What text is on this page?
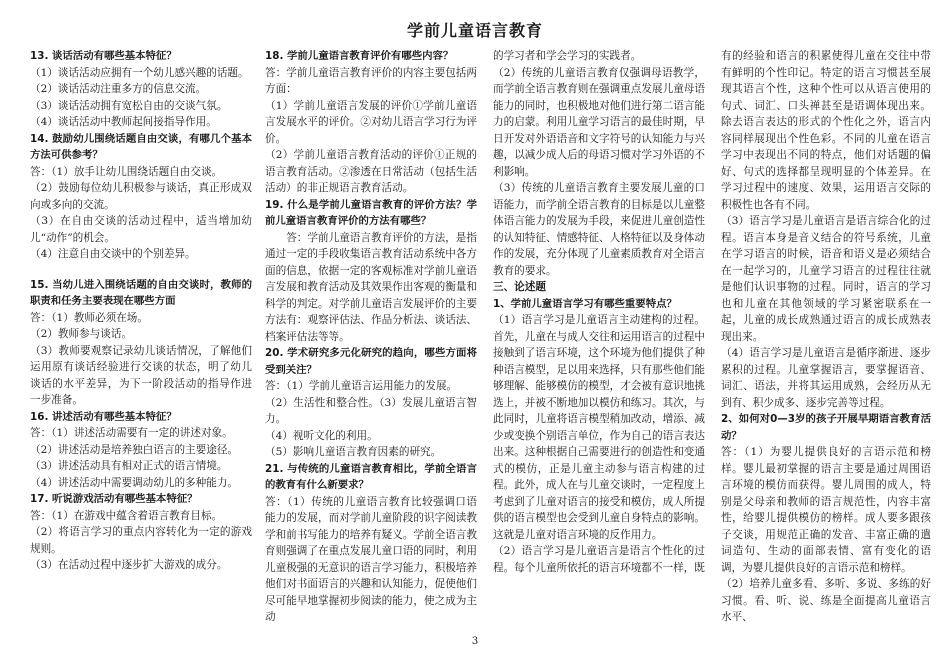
学前儿童语言教育
13. 谈话活动有哪些基本特征？
（1）谈话活动应拥有一个幼儿感兴趣的话题。
（2）谈话活动注重多方的信息交流。
（3）谈话活动拥有宽松自由的交谈气氛。
（4）谈话活动中教师起间接指导作用。
14. 鼓励幼儿围绕话题自由交谈，有哪几个基本方法可供参考？
答：（1）放手让幼儿围绕话题自由交谈。
（2）鼓励每位幼儿积极参与谈话，真正形成双向或多向的交流。
（3）在自由交谈的活动过程中，适当增加幼儿“动作”的机会。
（4）注意自由交谈中的个别差异。
15. 当幼儿进入围绕话题的自由交谈时，教师的职责和任务主要表现在哪些方面
答：（1）教师必须在场。
（2）教师参与谈话。
（3）教师要观察记录幼儿谈话情况，了解他们运用原有谈话经验进行交谈的状态，明了幼儿谈话的水平差异，为下一阶段活动的指导作进一步准备。
16. 讲述活动有哪些基本特征？
答：（1）讲述活动需要有一定的讲述对象。
（2）讲述活动是培养独白语言的主要途径。
（3）讲述活动具有相对正式的语言情境。
（4）讲述活动中需要调动幼儿的多种能力。
17. 听说游戏活动有哪些基本特征？
答：（1）在游戏中蕴含着语言教育目标。
（2）将语言学习的重点内容转化为一定的游戏规则。
（3）在活动过程中逐步扩大游戏的成分。
18. 学前儿童语言教育评价有哪些内容？
答：学前儿童语言教育评价的内容主要包括两方面：
（1）学前儿童语言发展的评价①学前儿童语言发展水平的评价。②对幼儿语言学习行为评价。
（2）学前儿童语言教育活动的评价①正规的语言教育活动。②渗透在日常活动（包括生活活动）的非正规语言教育活动。
19. 什么是学前儿童语言教育的评价方法？学前儿童语言教育评价的方法有哪些？
答：学前儿童语言教育评价的方法，是指通过一定的手段收集语言教育活动系统中各方面的信息，依据一定的客观标准对学前儿童语言发展和教育活动及其效果作出客观的衡量和科学的判定。对学前儿童语言发展评价的主要方法有：观察评估法、作品分析法、谈话法、档案评估法等等。
20. 学术研究多元化研究的趋向，哪些方面将受到关注？
答：（1）学前儿童语言运用能力的发展。
（2）生活性和整合性。（3）发展儿童语言智力。
（4）视听文化的利用。
（5）影响儿童语言教育因素的研究。
21. 与传统的儿童语言教育相比，学前全语言的教育有什么新要求？
答：（1）传统的儿童语言教育比较强调口语能力的发展，而对学前儿童阶段的识字阅读教学和前书写能力的培养有疑义。学前全语言教育则强调了在重点发展儿童口语的同时，利用儿童极强的无意识的语言学习能力，积极培养他们对书面语言的兴趣和认知能力，促使他们尽可能早地掌握初步阅读的能力，使之成为主动
的学习者和学会学习的实践者。
（2）传统的儿童语言教育仅强调母语教学，而学前全语言教育则在强调重点发展儿童母语能力的同时，也积极地对他们进行第二语言能力的启蒙。利用儿童学习语言的最佳时期，早日开发对外语语音和文字符号的认知能力与兴趣，以减少成人后的母语习惯对学习外语的不利影响。
（3）传统的儿童语言教育主要发展儿童的口语能力，而学前全语言教育的目标是以儿童整体语言能力的发展为手段，来促进儿童创造性的认知特征、情感特征、人格特征以及身体动作的发展，充分体现了儿童素质教育对全语言教育的要求。
三、论述题
1、学前儿童语言学习有哪些重要特点？
（1）语言学习是儿童语言主动建构的过程。首先，儿童在与成人交往和运用语言的过程中接触到了语言环境，这个环境为他们提供了种种语言模型，足以用来选择，只有那些他们能够理解、能够模仿的模型，才会被有意识地挑选上，并被不断地加以模仿和练习。其次，与此同时，儿童将语言模型稍加改动，增添、减少或变换个别语言单位，作为自己的语言表达出来。这种根据自己需要进行的创造性和变通式的模仿，正是儿童主动参与语言构建的过程。此外，成人在与儿童交谈时，一定程度上考虑到了儿童对语言的接受和模仿，成人所提供的语言模型也会受到儿童自身特点的影响。这就是儿童对语言环境的反作用力。
（2）语言学习是儿童语言是语言个性化的过程。每个儿童所依托的语言环境都不一样，既
有的经验和语言的积累使得儿童在交往中带有鲜明的个性印记。特定的语言习惯甚至展现其语言个性，这种个性可以从语言使用的句式、词汇、口头禅甚至是语调体现出来。除去语言表达的形式的个性化之外，语言内容同样展现出个性色彩。不同的儿童在语言学习中表现出不同的特点，他们对话题的偏好、句式的选择都呈现明显的个体差异。在学习过程中的速度、效果，运用语言交际的积极性也各有不同。
（3）语言学习是儿童语言是语言综合化的过程。语言本身是音义结合的符号系统，儿童在学习语言的时候，语音和语义是必须结合在一起学习的，儿童学习语言的过程往往就是他们认识事物的过程。同时，语言的学习也和儿童在其他领域的学习紧密联系在一起，儿童的成长成熟通过语言的成长成熟表现出来。
（4）语言学习是儿童语言是循序渐进、逐步累积的过程。儿童掌握语言，要掌握语音、词汇、语法，并将其运用成熟，会经历从无到有、积少成多、逐步完善等过程。
2、如何对0—3岁的孩子开展早期语言教育活动？
答：（1）为婴儿提供良好的言语示范和榜样。婴儿最初掌握的语言主要是通过周围语言环境的模仿而获得。婴儿周围的成人，特别是父母亲和教师的语言规范性，内容丰富性，给婴儿提供模仿的榜样。成人要多跟孩子交谈，用规范正确的发音、丰富正确的遣词造句、生动的面部表情、富有变化的语调，为婴儿提供良好的言语示范和榜样。
（2）培养儿童多看、多听、多说、多练的好习惯。看、听、说、练是全面提高儿童语言水平、
3
